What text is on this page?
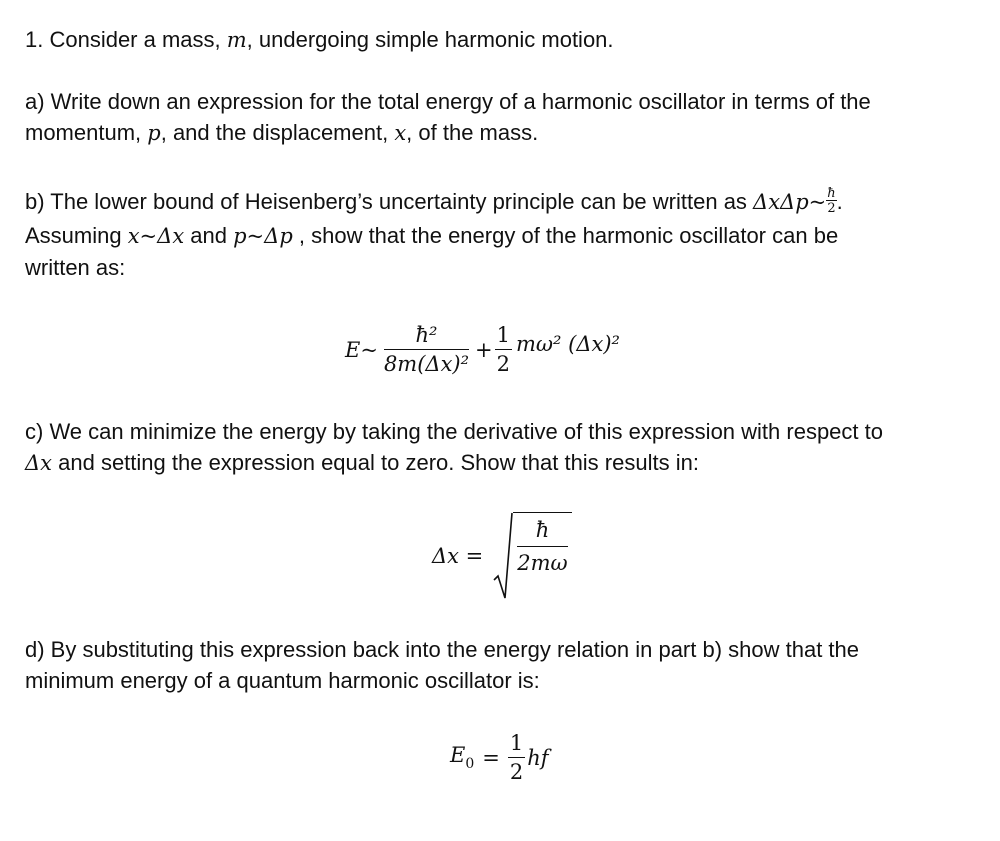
1. Consider a mass, m, undergoing simple harmonic motion.
a) Write down an expression for the total energy of a harmonic oscillator in terms of the
momentum, p, and the displacement, x, of the mass.
b) The lower bound of Heisenberg’s uncertainty principle can be written as ΔxΔp~ $\frac{ħ}{2}$ .
Assuming x~Δx and p~Δp , show that the energy of the harmonic oscillator can be
written as:
E~ $\frac{\text{ħ²}}{\text{8m(Δx)²}} + \frac{1}{2} m\omega^2$ (Δx)²
c) We can minimize the energy by taking the derivative of this expression with respect to
Δx and setting the expression equal to zero. Show that this results in:
$\Delta x = \frac{ħ}{2m\omega}$
d) By substituting this expression back into the energy relation in part b) show that the
minimum energy of a quantum harmonic oscillator is:
$E_0 = \frac{1}{2}$ hf
